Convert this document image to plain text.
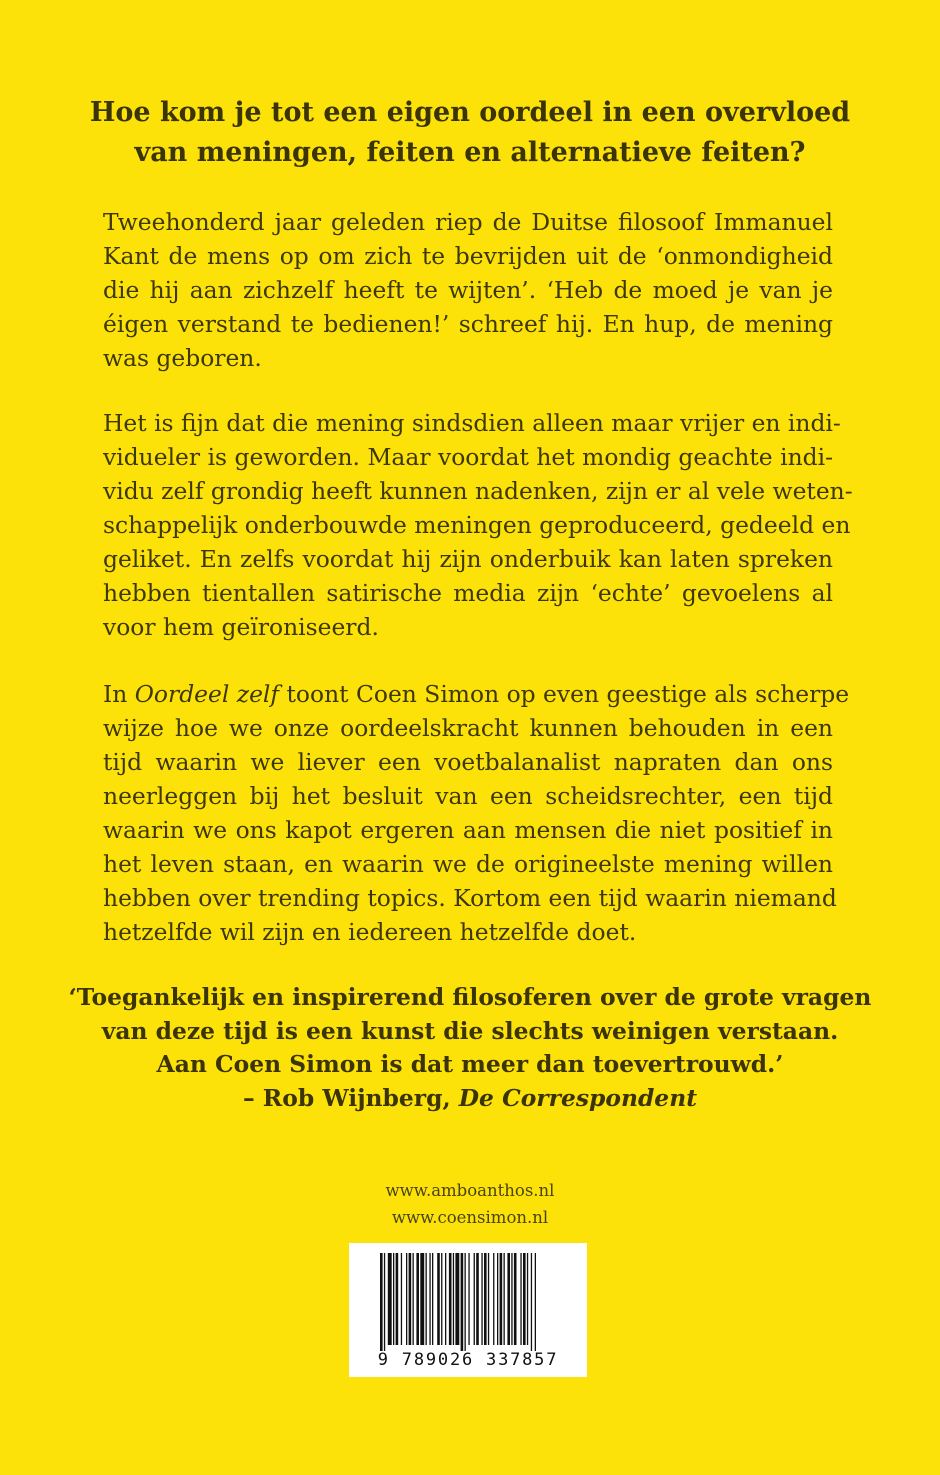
Hoe kom je tot een eigen oordeel in een overvloed
van meningen, feiten en alternatieve feiten?
Tweehonderd jaar geleden riep de Duitse filosoof Immanuel
Kant de mens op om zich te bevrijden uit de ‘onmondigheid
die hij aan zichzelf heeft te wijten’. ‘Heb de moed je van je
éigen verstand te bedienen!’ schreef hij. En hup, de mening
was geboren.
Het is fijn dat die mening sindsdien alleen maar vrijer en indi-
vidueler is geworden. Maar voordat het mondig geachte indi-
vidu zelf grondig heeft kunnen nadenken, zijn er al vele weten-
schappelijk onderbouwde meningen geproduceerd, gedeeld en
geliket. En zelfs voordat hij zijn onderbuik kan laten spreken
hebben tientallen satirische media zijn ‘echte’ gevoelens al
voor hem geïroniseerd.
In Oordeel zelf toont Coen Simon op even geestige als scherpe
wijze hoe we onze oordeelskracht kunnen behouden in een
tijd waarin we liever een voetbalanalist napraten dan ons
neerleggen bij het besluit van een scheidsrechter, een tijd
waarin we ons kapot ergeren aan mensen die niet positief in
het leven staan, en waarin we de origineelste mening willen
hebben over trending topics. Kortom een tijd waarin niemand
hetzelfde wil zijn en iedereen hetzelfde doet.
‘Toegankelijk en inspirerend filosoferen over de grote vragen
van deze tijd is een kunst die slechts weinigen verstaan.
Aan Coen Simon is dat meer dan toevertrouwd.’
– Rob Wijnberg, De Correspondent
www.amboanthos.nl
www.coensimon.nl
9 789026 337857
